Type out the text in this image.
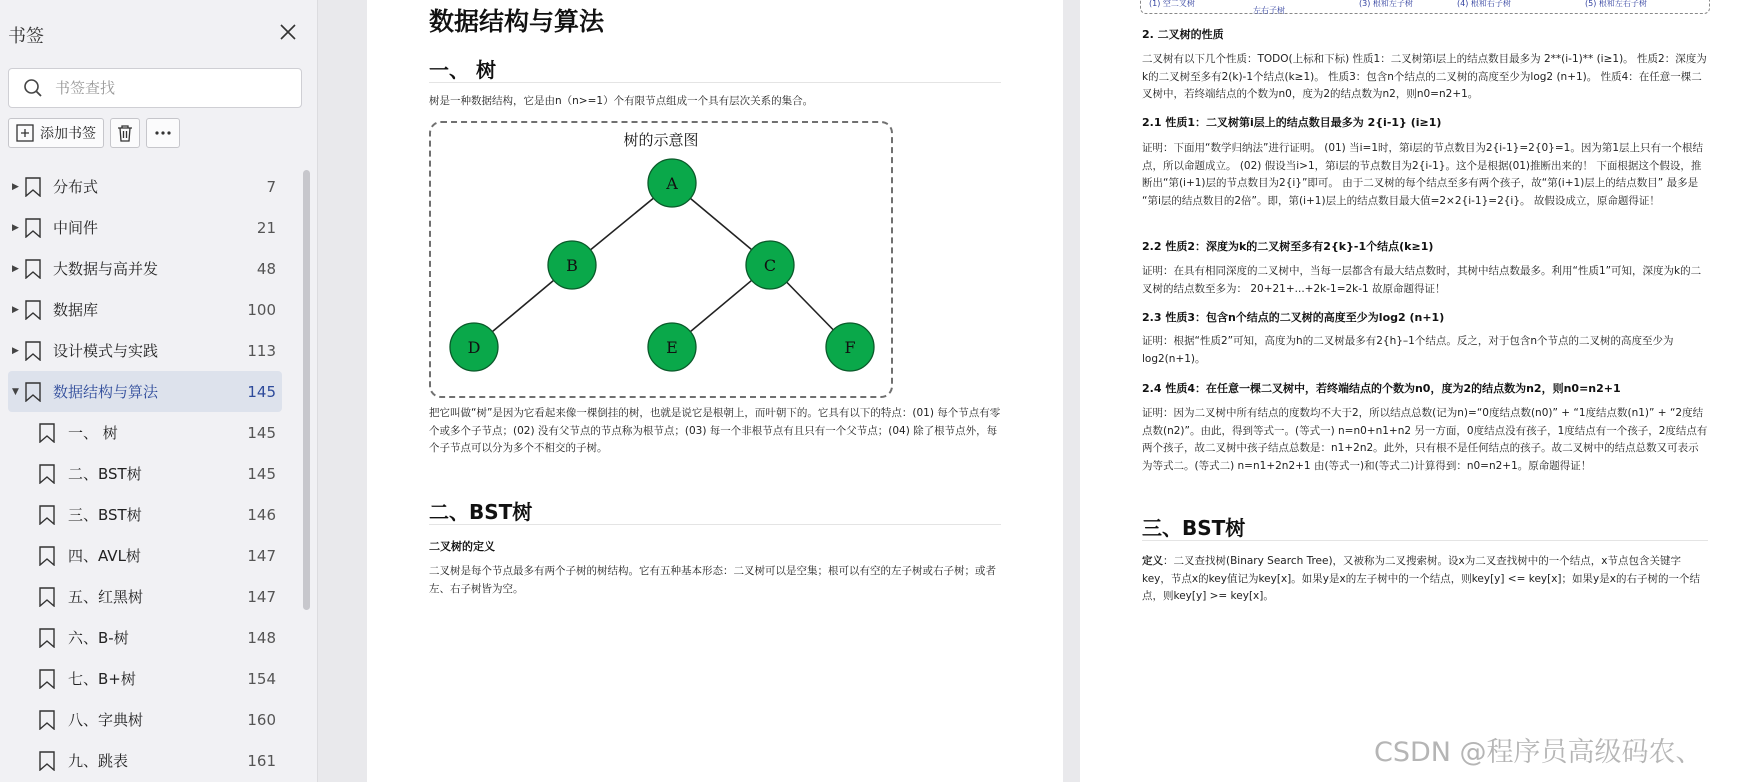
书签
书签查找
添加书签
▶ 分布式	7
▶ 中间件	21
▶ 大数据与高并发	48
▶ 数据库	100
▶ 设计模式与实践	113
▼ 数据结构与算法	145
一、 树	145
二、BST树	145
三、BST树	146
四、AVL树	147
五、红黑树	147
六、B-树	148
七、B+树	154
八、字典树	160
九、跳表	161
数据结构与算法
一、 树
树是一种数据结构，它是由n（n>=1）个有限节点组成一个具有层次关系的集合。
树的示意图
A
B	C
D	E	F
把它叫做“树”是因为它看起来像一棵倒挂的树，也就是说它是根朝上，而叶朝下的。它具有以下的特点：(01) 每个节点有零个或多个子节点；(02) 没有父节点的节点称为根节点；(03) 每一个非根节点有且只有一个父节点；(04) 除了根节点外，每个子节点可以分为多个不相交的子树。
二、BST树
二叉树的定义
二叉树是每个节点最多有两个子树的树结构。它有五种基本形态：二叉树可以是空集；根可以有空的左子树或右子树；或者左、右子树皆为空。
(1) 空二叉树
左右子树
(3) 根和左子树	(4) 根和右子树	(5) 根和左右子树
2. 二叉树的性质
二叉树有以下几个性质：TODO(上标和下标) 性质1：二叉树第i层上的结点数目最多为 2**(i-1)** (i≥1)。 性质2：深度为k的二叉树至多有2(k)-1个结点(k≥1)。 性质3：包含n个结点的二叉树的高度至少为log2 (n+1)。 性质4：在任意一棵二叉树中，若终端结点的个数为n0，度为2的结点数为n2，则n0=n2+1。
2.1 性质1：二叉树第i层上的结点数目最多为 2{i-1} (i≥1)
证明：下面用“数学归纳法”进行证明。 (01) 当i=1时，第i层的节点数目为2{i-1}=2{0}=1。因为第1层上只有一个根结点，所以命题成立。 (02) 假设当i>1，第i层的节点数目为2{i-1}。这个是根据(01)推断出来的！ 下面根据这个假设，推断出“第(i+1)层的节点数目为2{i}”即可。 由于二叉树的每个结点至多有两个孩子，故“第(i+1)层上的结点数目” 最多是 “第i层的结点数目的2倍”。即，第(i+1)层上的结点数目最大值=2×2{i-1}=2{i}。 故假设成立，原命题得证！
2.2 性质2：深度为k的二叉树至多有2{k}-1个结点(k≥1)
证明：在具有相同深度的二叉树中，当每一层都含有最大结点数时，其树中结点数最多。利用“性质1”可知，深度为k的二叉树的结点数至多为： 20+21+...+2k-1=2k-1 故原命题得证！
2.3 性质3：包含n个结点的二叉树的高度至少为log2 (n+1)
证明：根据“性质2”可知，高度为h的二叉树最多有2{h}–1个结点。反之，对于包含n个节点的二叉树的高度至少为log2(n+1)。
2.4 性质4：在任意一棵二叉树中，若终端结点的个数为n0，度为2的结点数为n2，则n0=n2+1
证明：因为二叉树中所有结点的度数均不大于2，所以结点总数(记为n)=“0度结点数(n0)” + “1度结点数(n1)” + “2度结点数(n2)”。由此，得到等式一。(等式一) n=n0+n1+n2 另一方面，0度结点没有孩子，1度结点有一个孩子，2度结点有两个孩子，故二叉树中孩子结点总数是：n1+2n2。此外，只有根不是任何结点的孩子。故二叉树中的结点总数又可表示为等式二。(等式二) n=n1+2n2+1 由(等式一)和(等式二)计算得到：n0=n2+1。原命题得证！
三、BST树
定义：二叉查找树(Binary Search Tree)，又被称为二叉搜索树。设x为二叉查找树中的一个结点，x节点包含关键字key，节点x的key值记为key[x]。如果y是x的左子树中的一个结点，则key[y] <= key[x]；如果y是x的右子树的一个结点，则key[y] >= key[x]。
CSDN @程序员高级码农、
